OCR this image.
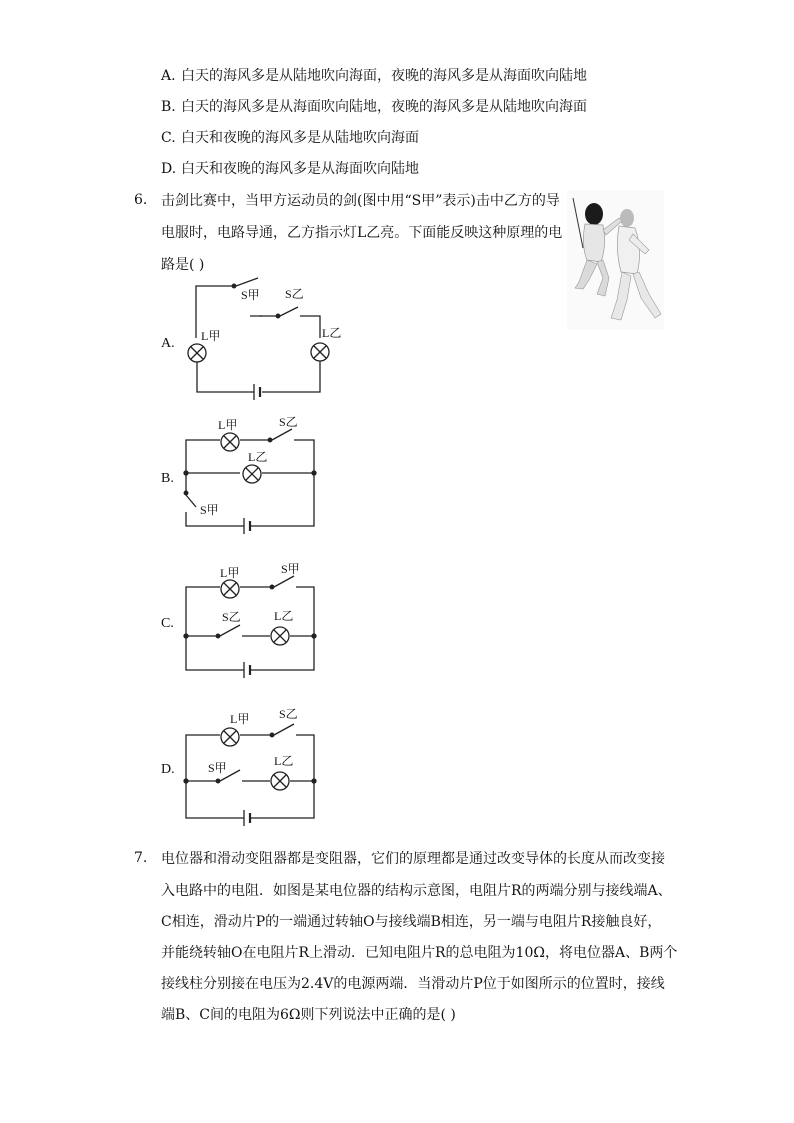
A. 白天的海风多是从陆地吹向海面，夜晚的海风多是从海面吹向陆地
B. 白天的海风多是从海面吹向陆地，夜晚的海风多是从陆地吹向海面
C. 白天和夜晚的海风多是从陆地吹向海面
D. 白天和夜晚的海风多是从海面吹向陆地
6. 击剑比赛中，当甲方运动员的剑(图中用“S甲”表示)击中乙方的导
电服时，电路导通，乙方指示灯L乙亮。下面能反映这种原理的电
路是( )
A.
B.
C.
D.
S甲 S乙
L甲	L乙
L甲	S乙
L乙
S甲
L甲	S甲
S乙	L乙
L甲 S乙
S甲	L乙
7. 电位器和滑动变阻器都是变阻器，它们的原理都是通过改变导体的长度从而改变接
入电路中的电阻．如图是某电位器的结构示意图，电阻片R的两端分别与接线端A、
C相连，滑动片P的一端通过转轴O与接线端B相连，另一端与电阻片R接触良好，
并能绕转轴O在电阻片R上滑动．已知电阻片R的总电阻为10Ω，将电位器A、B两个
接线柱分别接在电压为2.4V的电源两端．当滑动片P位于如图所示的位置时，接线
端B、C间的电阻为6Ω则下列说法中正确的是( )
